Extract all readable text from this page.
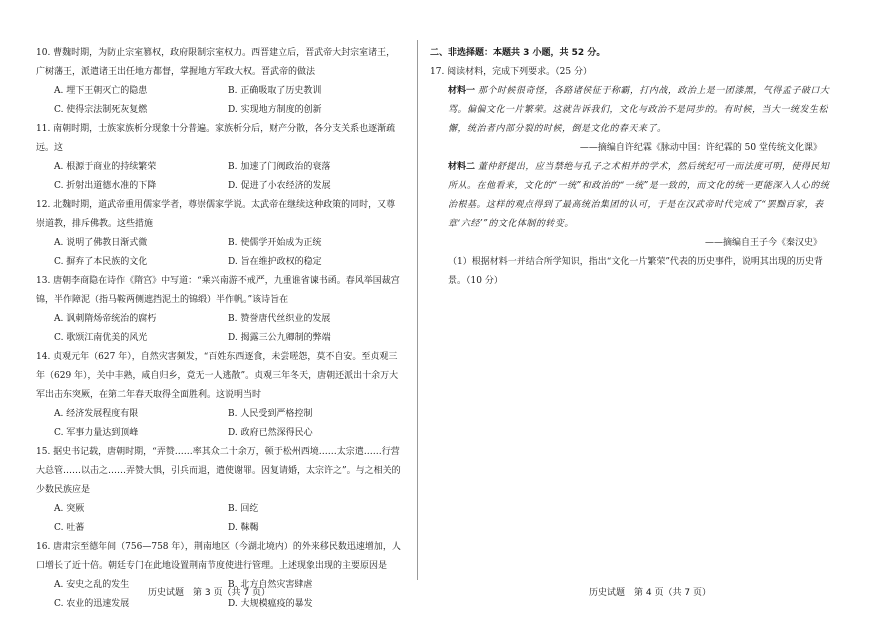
10. 曹魏时期，为防止宗室篡权，政府限制宗室权力。西晋建立后，晋武帝大封宗室诸王，广树藩王，派遣诸王出任地方都督，掌握地方军政大权。晋武帝的做法

A. 埋下王朝灭亡的隐患	B. 正确吸取了历史教训
C. 使得宗法制死灰复燃	D. 实现地方制度的创新

11. 南朝时期，士族家族析分现象十分普遍。家族析分后，财产分散，各分支关系也逐渐疏远。这

A. 根源于商业的持续繁荣	B. 加速了门阀政治的衰落
C. 折射出道德水准的下降	D. 促进了小农经济的发展

12. 北魏时期，道武帝重用儒家学者，尊崇儒家学说。太武帝在继续这种政策的同时，又尊崇道教，排斥佛教。这些措施

A. 说明了佛教日渐式微	B. 使儒学开始成为正统
C. 摒弃了本民族的文化	D. 旨在维护政权的稳定

13. 唐朝李商隐在诗作《隋宫》中写道：“乘兴南游不戒严，九重谁省谏书函。春风举国裁宫锦，半作障泥（指马鞍两侧遮挡泥土的锦缎）半作帆。”该诗旨在

A. 讽刺隋炀帝统治的腐朽	B. 赞誉唐代丝织业的发展
C. 歌颂江南优美的风光	D. 揭露三公九卿制的弊端

14. 贞观元年（627 年），自然灾害频发，“百姓东西逐食，未尝嗟怨，莫不自安。至贞观三年（629 年），关中丰熟，咸自归乡，竟无一人逃散”。贞观三年冬天，唐朝还派出十余万大军出击东突厥，在第二年春天取得全面胜利。这说明当时

A. 经济发展程度有限	B. 人民受到严格控制
C. 军事力量达到顶峰	D. 政府已然深得民心

15. 据史书记载，唐朝时期，“弄赞……率其众二十余万，顿于松州西境……太宗遣……行营大总管……以击之……弄赞大惧，引兵而退，遣使谢罪。因复请婚，太宗许之”。与之相关的少数民族应是

A. 突厥	B. 回纥
C. 吐蕃	D. 靺鞨

16. 唐肃宗至德年间（756—758 年），荆南地区（今湖北境内）的外来移民数迅速增加，人口增长了近十倍。朝廷专门在此地设置荆南节度使进行管理。上述现象出现的主要原因是

A. 安史之乱的发生	B. 北方自然灾害肆虐
C. 农业的迅速发展	D. 大规模瘟疫的暴发
历史试题　第 3 页（共 7 页）

二、非选择题：本题共 3 小题，共 52 分。

17. 阅读材料，完成下列要求。（25 分）

材料一 那个时候很奇怪，各路诸侯征于称霸，打内战，政治上是一团漆黑，气得孟子破口大骂。偏偏文化一片繁荣。这就告诉我们，文化与政治不是同步的。有时候，当大一统发生松懈，统治者内部分裂的时候，倒是文化的春天来了。

——摘编自许纪霖《脉动中国：许纪霖的 50 堂传统文化课》

材料二 董仲舒提出，应当禁绝与孔子之术相并的学术，然后统纪可一而法度可明，使得民知所从。在他看来，文化的“一统”和政治的“一统”是一致的，而文化的统一更能深入人心的统治根基。这样的观点得到了最高统治集团的认可，于是在汉武帝时代完成了“罢黜百家，表章‘六经’”的文化体制的转变。

——摘编自王子今《秦汉史》

（1）根据材料一并结合所学知识，指出“文化一片繁荣”代表的历史事件，说明其出现的历史背景。（10 分）

历史试题　第 4 页（共 7 页）
